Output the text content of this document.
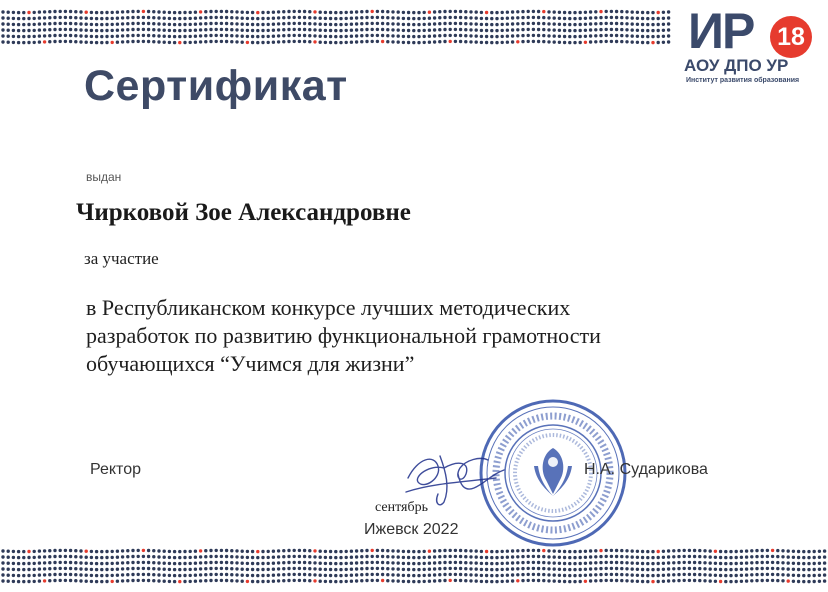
ИР 18
АОУ ДПО УР
Институт развития образования
Сертификат
выдан
Чирковой Зое Александровне
за участие
в Республиканском конкурсе лучших методических
разработок по развитию функциональной грамотности
обучающихся “Учимся для жизни”
Ректор	Н.А. Сударикова
сентябрь
Ижевск 2022
